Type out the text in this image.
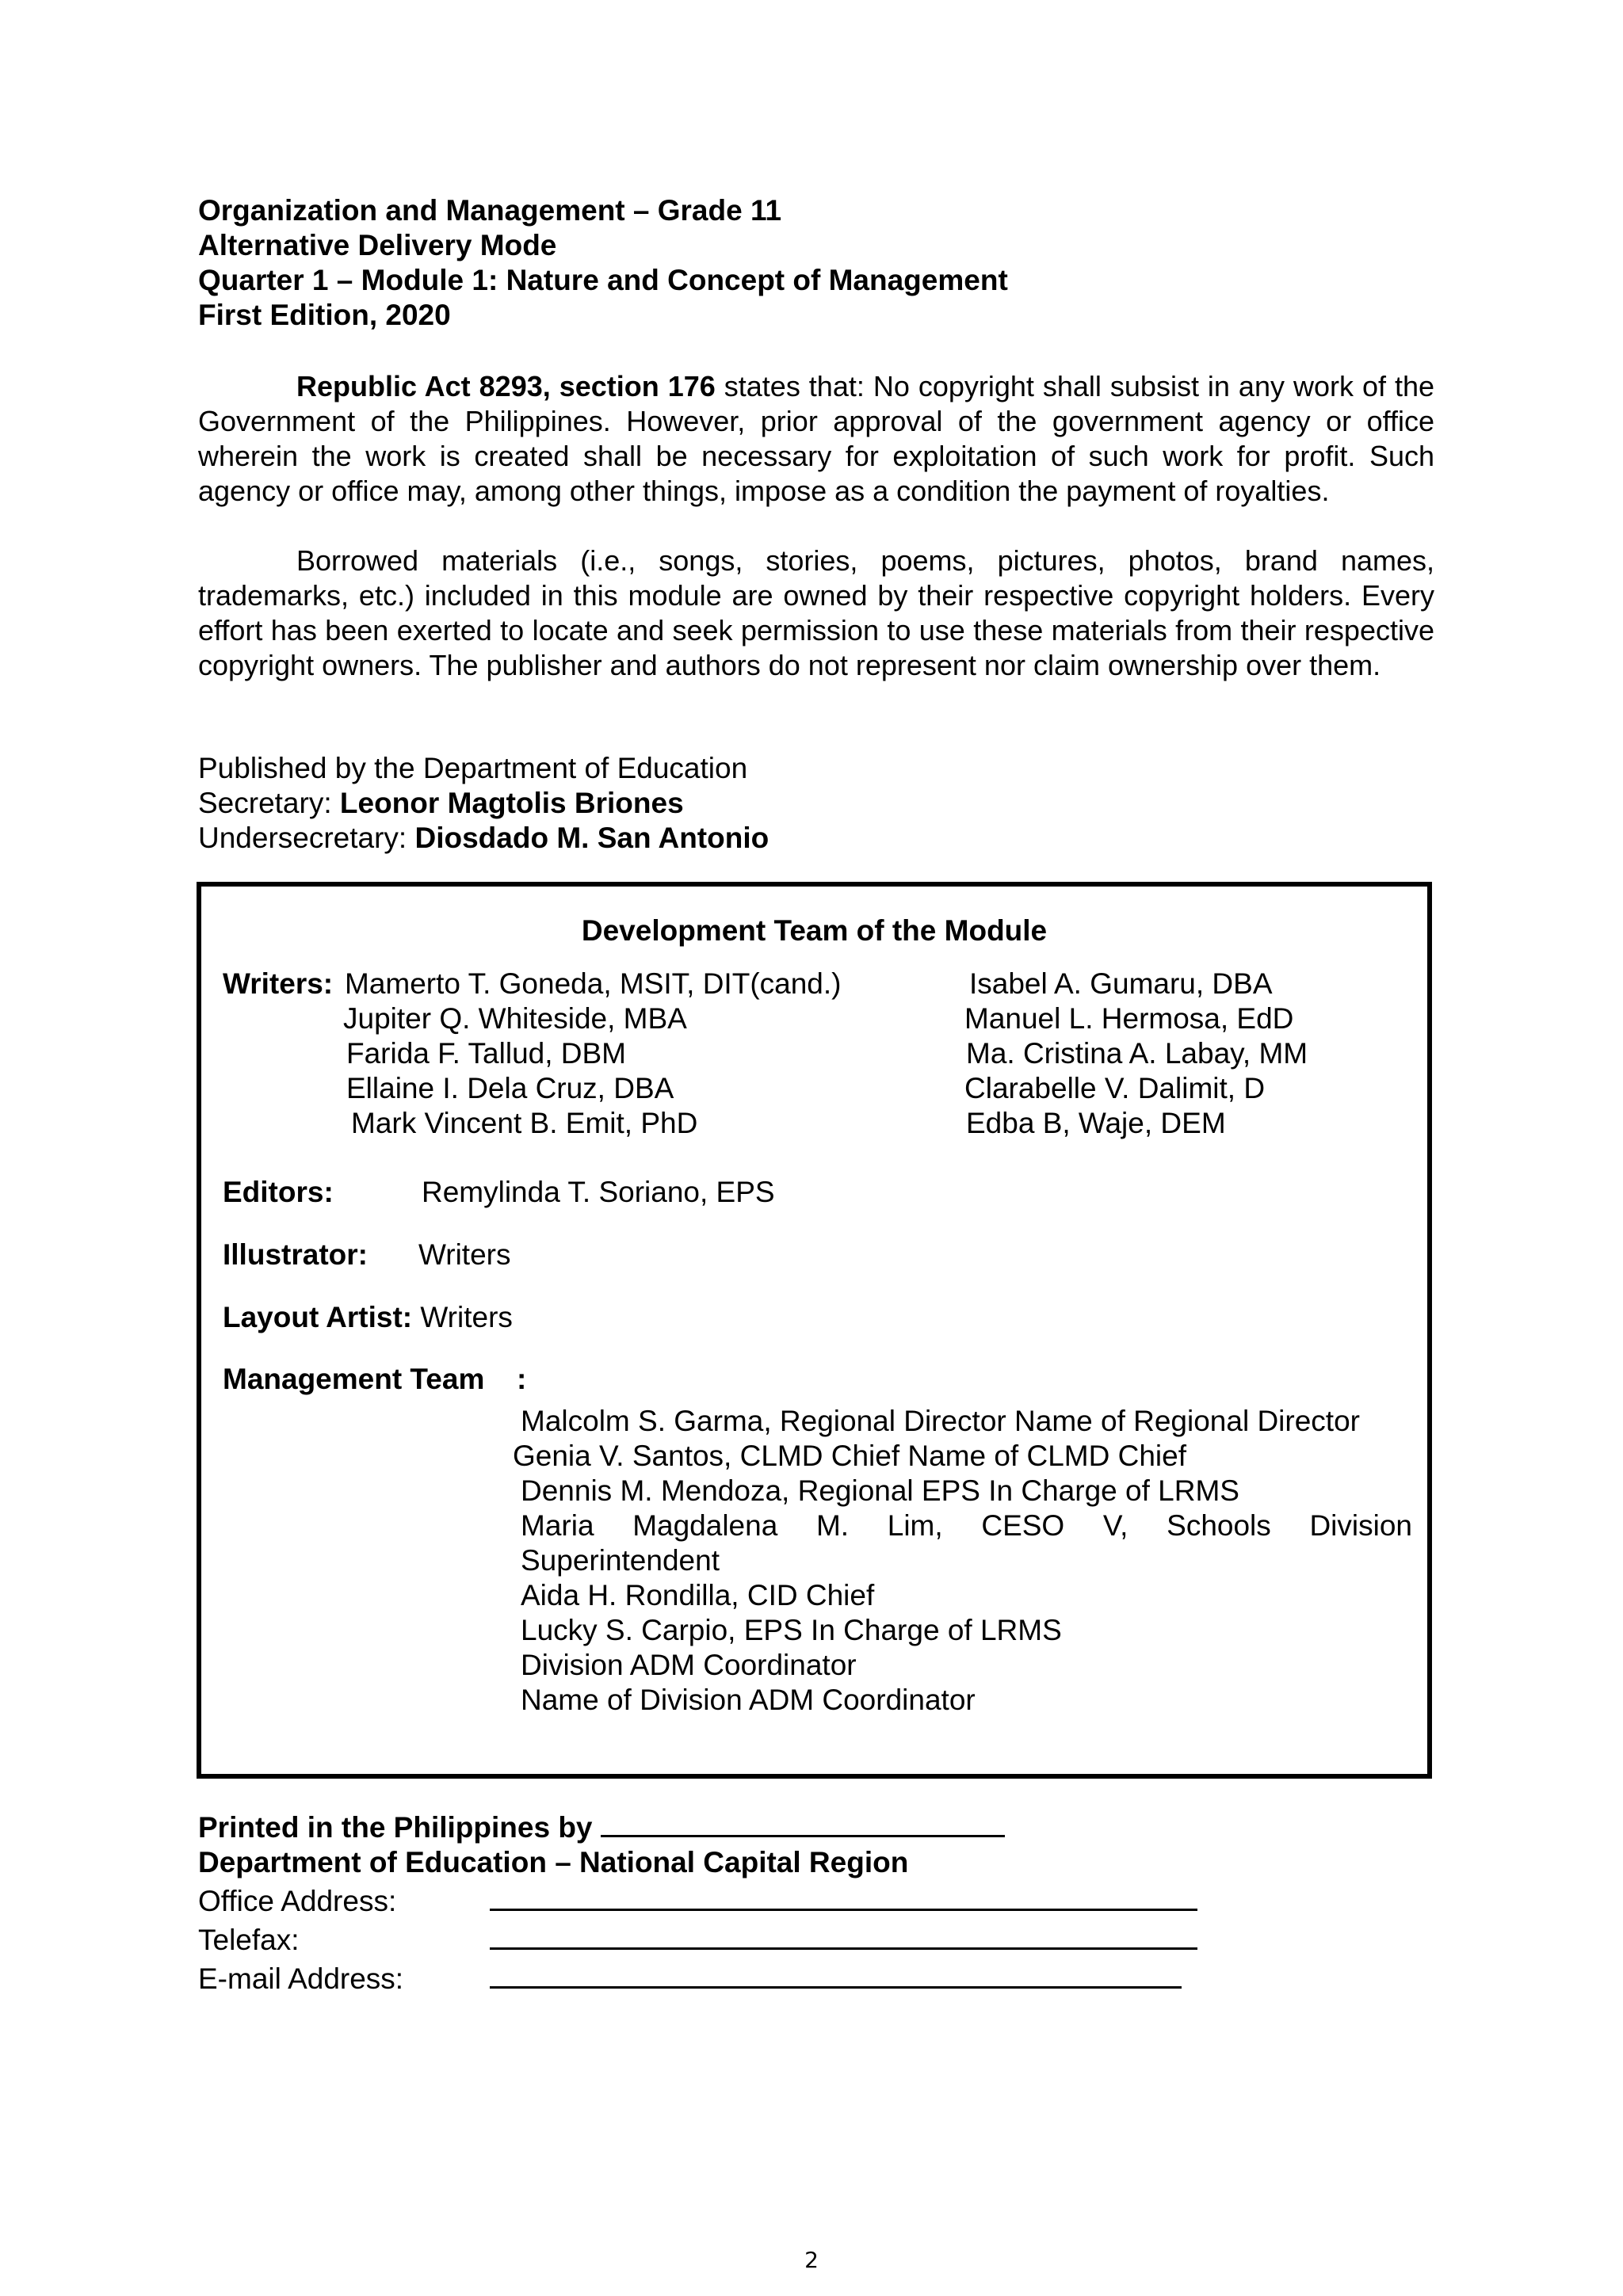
Organization and Management – Grade 11
Alternative Delivery Mode
Quarter 1 – Module 1: Nature and Concept of Management
First Edition, 2020
Republic Act 8293, section 176 states that: No copyright shall subsist in any work of the Government of the Philippines. However, prior approval of the government agency or office wherein the work is created shall be necessary for exploitation of such work for profit. Such agency or office may, among other things, impose as a condition the payment of royalties.
Borrowed materials (i.e., songs, stories, poems, pictures, photos, brand names, trademarks, etc.) included in this module are owned by their respective copyright holders. Every effort has been exerted to locate and seek permission to use these materials from their respective copyright owners. The publisher and authors do not represent nor claim ownership over them.
Published by the Department of Education
Secretary: Leonor Magtolis Briones
Undersecretary: Diosdado M. San Antonio
Development Team of the Module
Writers: Mamerto T. Goneda, MSIT, DIT(cand.)
Jupiter Q. Whiteside, MBA
Farida F. Tallud, DBM
Ellaine I. Dela Cruz, DBA
Mark Vincent B. Emit, PhD
Isabel A. Gumaru, DBA
Manuel L. Hermosa, EdD
Ma. Cristina A. Labay, MM
Clarabelle V. Dalimit, D
Edba B, Waje, DEM
Editors:	Remylinda T. Soriano, EPS
Illustrator: Writers
Layout Artist: Writers
Management Team :
Malcolm S. Garma, Regional Director Name of Regional Director
Genia V. Santos, CLMD Chief Name of CLMD Chief
Dennis M. Mendoza, Regional EPS In Charge of LRMS
Maria Magdalena M. Lim, CESO V, Schools Division
Superintendent
Aida H. Rondilla, CID Chief
Lucky S. Carpio, EPS In Charge of LRMS
Division ADM Coordinator
Name of Division ADM Coordinator
Printed in the Philippines by
Department of Education – National Capital Region
Office Address:
Telefax:
E-mail Address:
2
